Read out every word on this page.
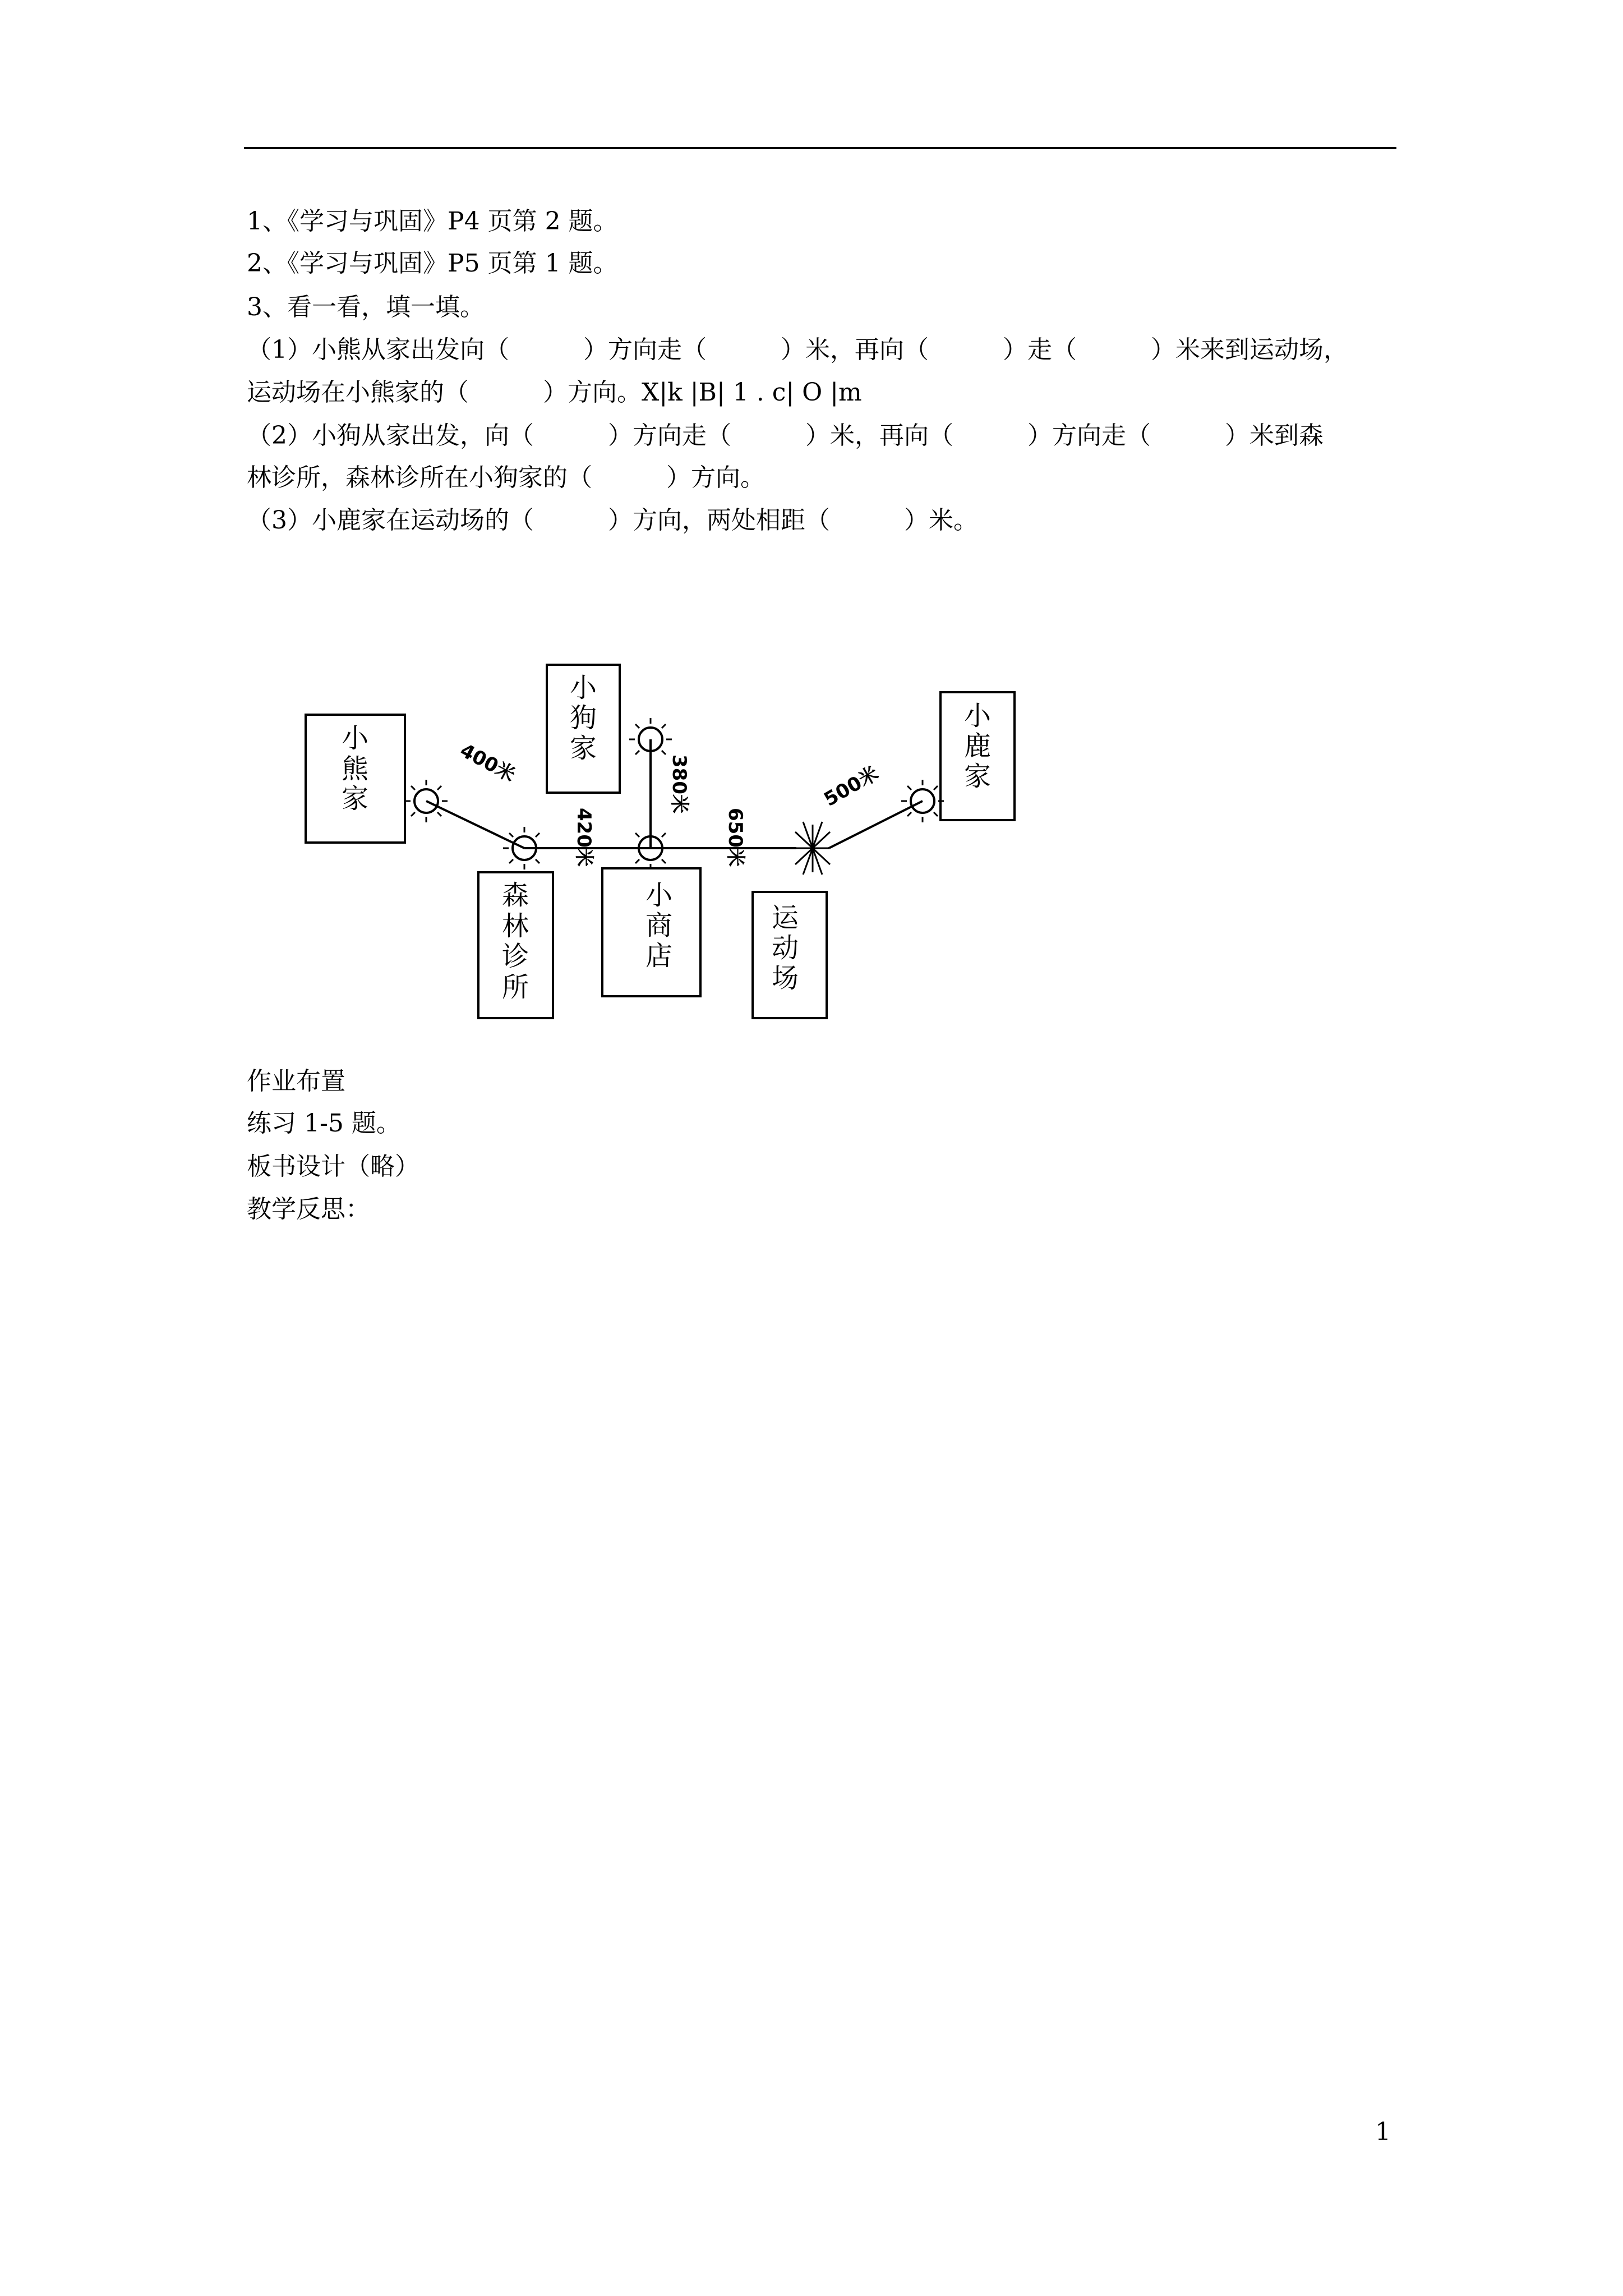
1、《学习与巩固》P4 页第 2 题。
2、《学习与巩固》P5 页第 1 题。
3、看一看，填一填。
（1）小熊从家出发向（　　　）方向走（　　　）米，再向（　　　）走（　　　）米来到运动场，
运动场在小熊家的（　　　）方向。X|k |B| 1 . c| O |m
（2）小狗从家出发，向（　　　）方向走（　　　）米，再向（　　　）方向走（　　　）米到森
林诊所，森林诊所在小狗家的（　　　）方向。
（3）小鹿家在运动场的（　　　）方向，两处相距（　　　）米。
小
熊
家
小
狗
家
小
鹿
家
森
林
诊
所
小
商
店
运
动
场
400米
420米
380米
650米
500米
作业布置
练习 1-5 题。
板书设计（略）
教学反思：
1
